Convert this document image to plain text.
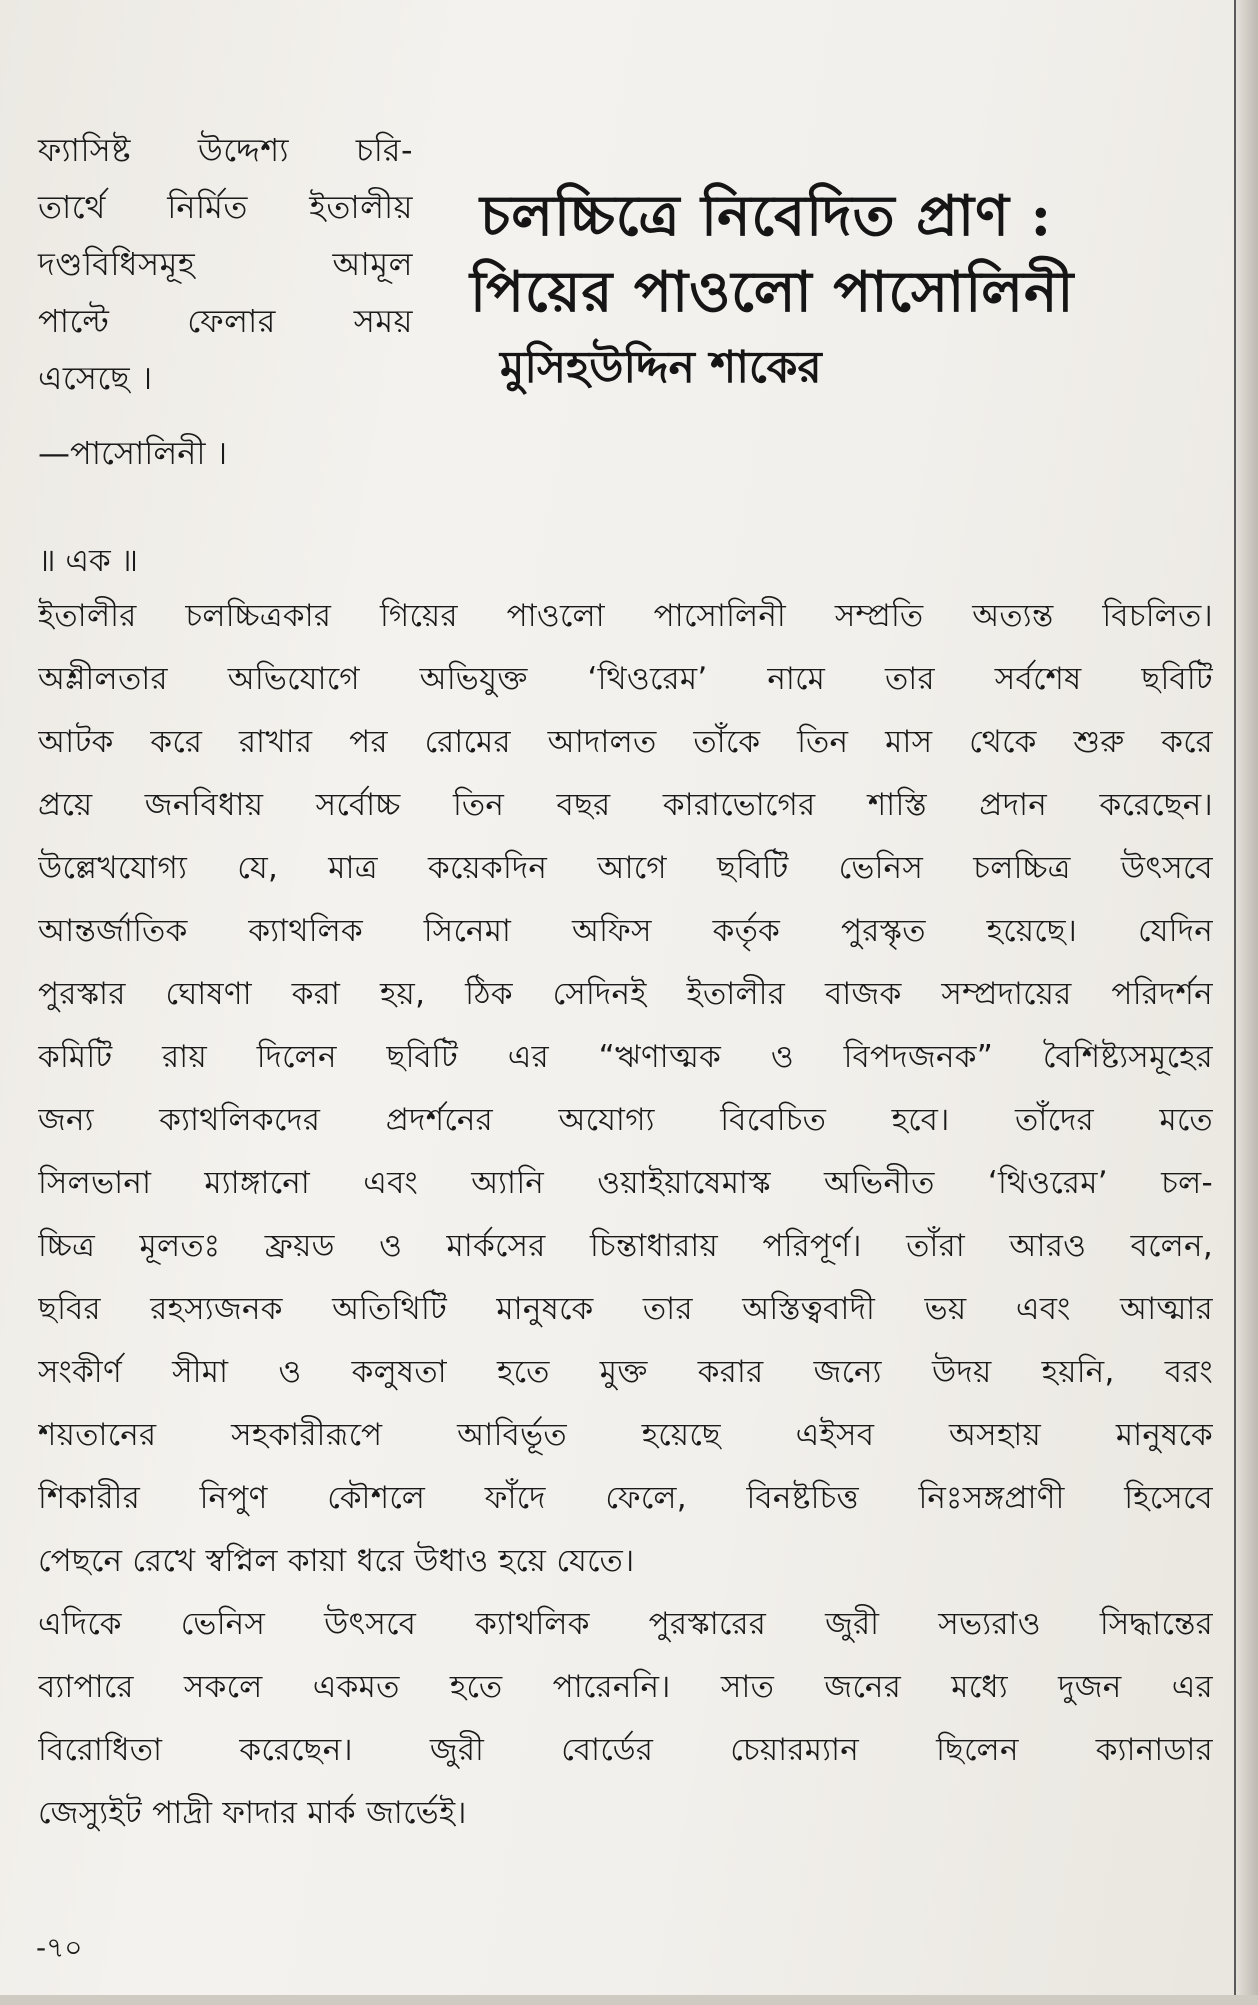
ফ্যাসিষ্ট উদ্দেশ্য চরি-
তার্থে নির্মিত ইতালীয়
দণ্ডবিধিসমূহ আমূল
পাল্টে ফেলার সময়
এসেছে ।
—পাসোলিনী ।
চলচ্চিত্রে নিবেদিত প্রাণ :
পিয়ের পাওলো পাসোলিনী
মুসিহউদ্দিন শাকের
॥ এক ॥
ইতালীর চলচ্চিত্রকার গিয়ের পাওলো পাসোলিনী সম্প্রতি অত্যন্ত বিচলিত।
অশ্লীলতার অভিযোগে অভিযুক্ত ‘থিওরেম’ নামে তার সর্বশেষ ছবিটি
আটক করে রাখার পর রোমের আদালত তাঁকে তিন মাস থেকে শুরু করে
প্রয়ে জনবিধায় সর্বোচ্চ তিন বছর কারাভোগের শাস্তি প্রদান করেছেন।
উল্লেখযোগ্য যে, মাত্র কয়েকদিন আগে ছবিটি ভেনিস চলচ্চিত্র উৎসবে
আন্তর্জাতিক ক্যাথলিক সিনেমা অফিস কর্তৃক পুরস্কৃত হয়েছে। যেদিন
পুরস্কার ঘোষণা করা হয়, ঠিক সেদিনই ইতালীর বাজক সম্প্রদায়ের পরিদর্শন
কমিটি রায় দিলেন ছবিটি এর “ঋণাত্মক ও বিপদজনক” বৈশিষ্ট্যসমূহের
জন্য ক্যাথলিকদের প্রদর্শনের অযোগ্য বিবেচিত হবে। তাঁদের মতে
সিলভানা ম্যাঙ্গানো এবং অ্যানি ওয়াইয়াষেমাস্ক অভিনীত ‘থিওরেম’ চল-
চ্চিত্র মূলতঃ ফ্রয়ড ও মার্কসের চিন্তাধারায় পরিপূর্ণ। তাঁরা আরও বলেন,
ছবির রহস্যজনক অতিথিটি মানুষকে তার অস্তিত্ববাদী ভয় এবং আত্মার
সংকীর্ণ সীমা ও কলুষতা হতে মুক্ত করার জন্যে উদয় হয়নি, বরং
শয়তানের সহকারীরূপে আবির্ভূত হয়েছে এইসব অসহায় মানুষকে
শিকারীর নিপুণ কৌশলে ফাঁদে ফেলে, বিনষ্টচিত্ত নিঃসঙ্গপ্রাণী হিসেবে
পেছনে রেখে স্বপ্নিল কায়া ধরে উধাও হয়ে যেতে।
এদিকে ভেনিস উৎসবে ক্যাথলিক পুরস্কারের জুরী সভ্যরাও সিদ্ধান্তের
ব্যাপারে সকলে একমত হতে পারেননি। সাত জনের মধ্যে দুজন এর
বিরোধিতা করেছেন। জুরী বোর্ডের চেয়ারম্যান ছিলেন ক্যানাডার
জেস্যুইট পাদ্রী ফাদার মার্ক জার্ভেই।
-৭০
